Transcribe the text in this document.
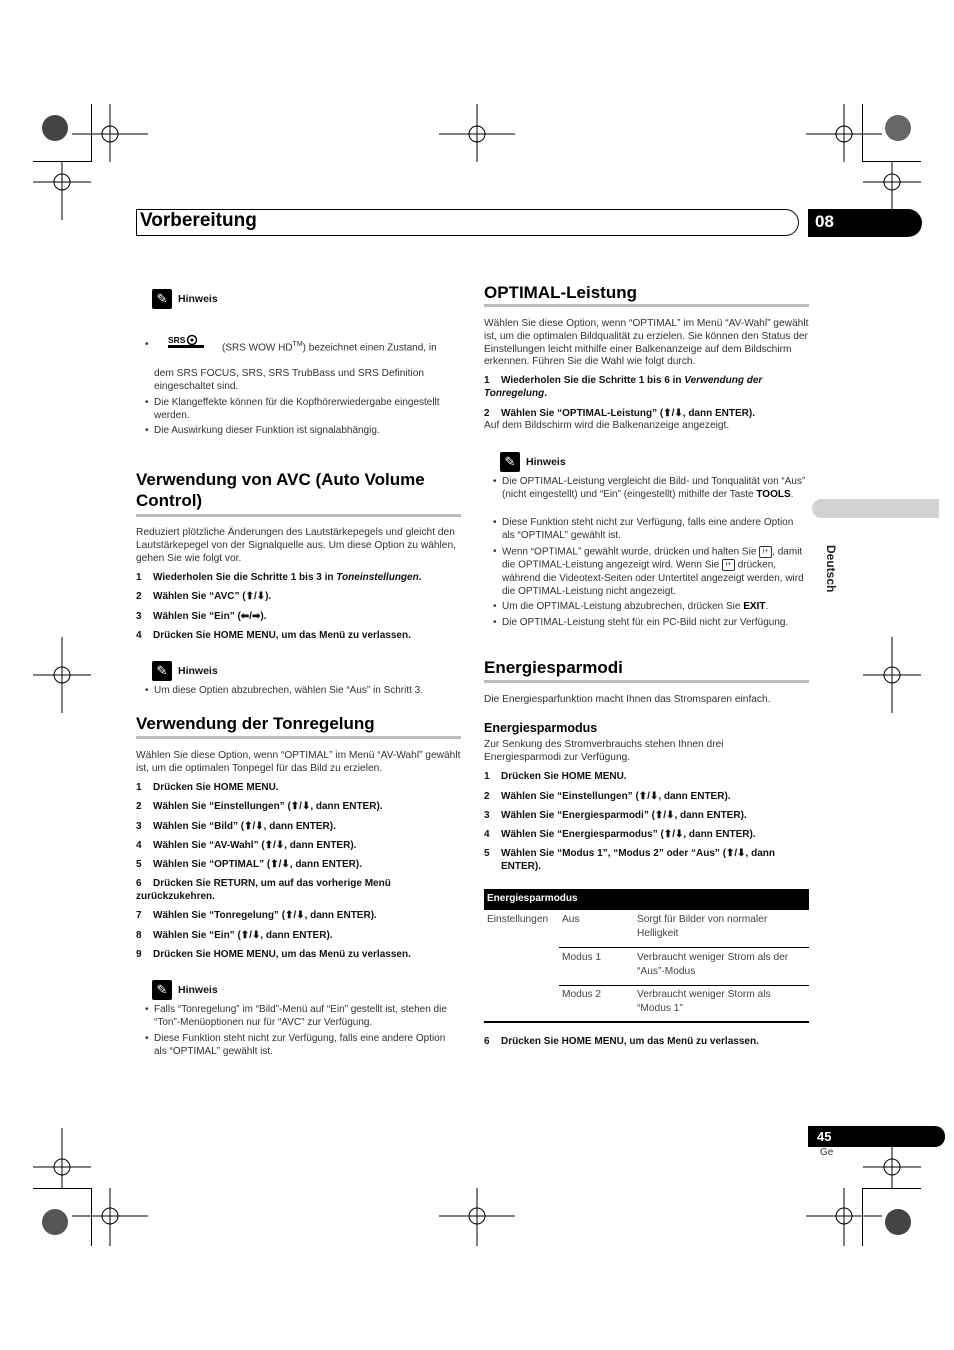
Vorbereitung	08
Deutsch
✎	Hinweis
• SRS
(SRS WOW HD™) bezeichnet einen Zustand, in

dem SRS FOCUS, SRS, SRS TrubBass und SRS Definition eingeschaltet sind.

• Die Klangeffekte können für die Kopfhörerwiedergabe eingestellt werden.
• Die Auswirkung dieser Funktion ist signalabhängig.
Verwendung von AVC (Auto Volume Control)

Reduziert plötzliche Änderungen des Lautstärkepegels und gleicht den Lautstärkepegel von der Signalquelle aus. Um diese Option zu wählen, gehen Sie wie folgt vor.

1 Wiederholen Sie die Schritte 1 bis 3 in Toneinstellungen.
2 Wählen Sie “AVC” (⬆/⬇).
3 Wählen Sie “Ein” (⬅/➡).
4 Drücken Sie HOME MENU, um das Menü zu verlassen.
✎	Hinweis
• Um diese Optien abzubrechen, wählen Sie “Aus” in Schritt 3.
Verwendung der Tonregelung

Wählen Sie diese Option, wenn “OPTIMAL” im Menü “AV-Wahl” gewählt ist, um die optimalen Tonpegel für das Bild zu erzielen.

1 Drücken Sie HOME MENU.
2 Wählen Sie “Einstellungen” (⬆/⬇, dann ENTER).
3 Wählen Sie “Bild” (⬆/⬇, dann ENTER).
4 Wählen Sie “AV-Wahl” (⬆/⬇, dann ENTER).
5 Wählen Sie “OPTIMAL” (⬆/⬇, dann ENTER).
6 Drücken Sie RETURN, um auf das vorherige Menü zurückzukehren.
7 Wählen Sie “Tonregelung” (⬆/⬇, dann ENTER).
8 Wählen Sie “Ein” (⬆/⬇, dann ENTER).
9 Drücken Sie HOME MENU, um das Menü zu verlassen.
✎	Hinweis
• Falls “Tonregelung” im “Bild”-Menü auf “Ein” gestellt ist, stehen die “Ton”-Menüoptionen nur für “AVC” zur Verfügung.
• Diese Funktion steht nicht zur Verfügung, falls eine andere Option als “OPTIMAL” gewählt ist.
OPTIMAL-Leistung

Wählen Sie diese Option, wenn “OPTIMAL” im Menü “AV-Wahl” gewählt ist, um die optimalen Bildqualität zu erzielen. Sie können den Status der Einstellungen leicht mithilfe einer Balkenanzeige auf dem Bildschirm erkennen. Führen Sie die Wahl wie folgt durch.

1 Wiederholen Sie die Schritte 1 bis 6 in Verwendung der Tonregelung.
2 Wählen Sie “OPTIMAL-Leistung” (⬆/⬇, dann ENTER).

Auf dem Bildschirm wird die Balkenanzeige angezeigt.

✎	Hinweis
• Die OPTIMAL-Leistung vergleicht die Bild- und Tonqualität von “Aus” (nicht eingestellt) und “Ein” (eingestellt) mithilfe der Taste TOOLS.
• Diese Funktion steht nicht zur Verfügung, falls eine andere Option als “OPTIMAL” gewählt ist.
• Wenn “OPTIMAL” gewählt wurde, drücken und halten Sie i+ , damit die OPTIMAL-Leistung angezeigt wird. Wenn Sie i+ drücken, während die Videotext-Seiten oder Untertitel angezeigt werden, wird die OPTIMAL-Leistung nicht angezeigt.
• Um die OPTIMAL-Leistung abzubrechen, drücken Sie EXIT.
• Die OPTIMAL-Leistung steht für ein PC-Bild nicht zur Verfügung.
Energiesparmodi

Die Energiesparfunktion macht Ihnen das Stromsparen einfach.

Energiesparmodus

Zur Senkung des Stromverbrauchs stehen Ihnen drei Energiesparmodi zur Verfügung.

1 Drücken Sie HOME MENU.
2 Wählen Sie “Einstellungen” (⬆/⬇, dann ENTER).
3 Wählen Sie “Energiesparmodi” (⬆/⬇, dann ENTER).
4 Wählen Sie “Energiesparmodus” (⬆/⬇, dann ENTER).
5 Wählen Sie “Modus 1”, “Modus 2” oder “Aus” (⬆/⬇, dann ENTER).
Energiesparmodus
Einstellungen Aus	Sorgt für Bilder von normaler Helligkeit
Modus 1	Verbraucht weniger Strom als der “Aus”-Modus
Modus 2	Verbraucht weniger Storm als “Modus 1”
6 Drücken Sie HOME MENU, um das Menü zu verlassen.
45
Ge
